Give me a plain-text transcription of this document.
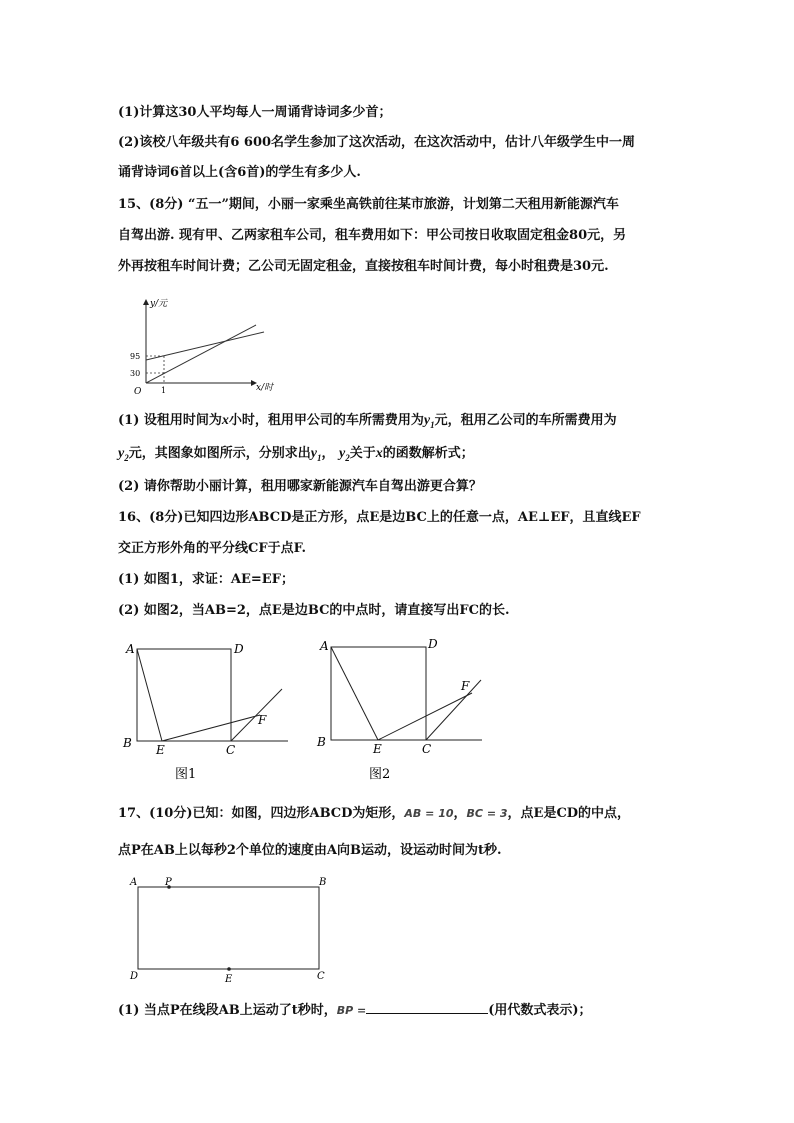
(1)计算这30人平均每人一周诵背诗词多少首；
(2)该校八年级共有6 600名学生参加了这次活动，在这次活动中，估计八年级学生中一周
诵背诗词6首以上(含6首)的学生有多少人.
15、(8分) “五一”期间，小丽一家乘坐高铁前往某市旅游，计划第二天租用新能源汽车
自驾出游. 现有甲、乙两家租车公司，租车费用如下：甲公司按日收取固定租金80元，另
外再按租车时间计费；乙公司无固定租金，直接按租车时间计费，每小时租费是30元.
y/元
x/时
O
95
30
1
(1) 设租用时间为x小时，租用甲公司的车所需费用为$y_1$元，租用乙公司的车所需费用为
$y_2$元，其图象如图所示，分别求出$y_1$， $y_2$关于x的函数解析式；
(2) 请你帮助小丽计算，租用哪家新能源汽车自驾出游更合算？
16、(8分)已知四边形ABCD是正方形，点E是边BC上的任意一点，AE⊥EF，且直线EF
交正方形外角的平分线CF于点F.
(1) 如图1，求证：AE=EF；
(2) 如图2，当AB=2，点E是边BC的中点时，请直接写出FC的长.
A	D
B E	C
F
图1
A	D
B	E	C
F
图2
17、(10分)已知：如图，四边形ABCD为矩形，AB = 10，BC = 3，点E是CD的中点，
点P在AB上以每秒2个单位的速度由A向B运动，设运动时间为t秒.
A	P	B
D	E	C
(1) 当点P在线段AB上运动了t秒时，BP =	(用代数式表示)；
